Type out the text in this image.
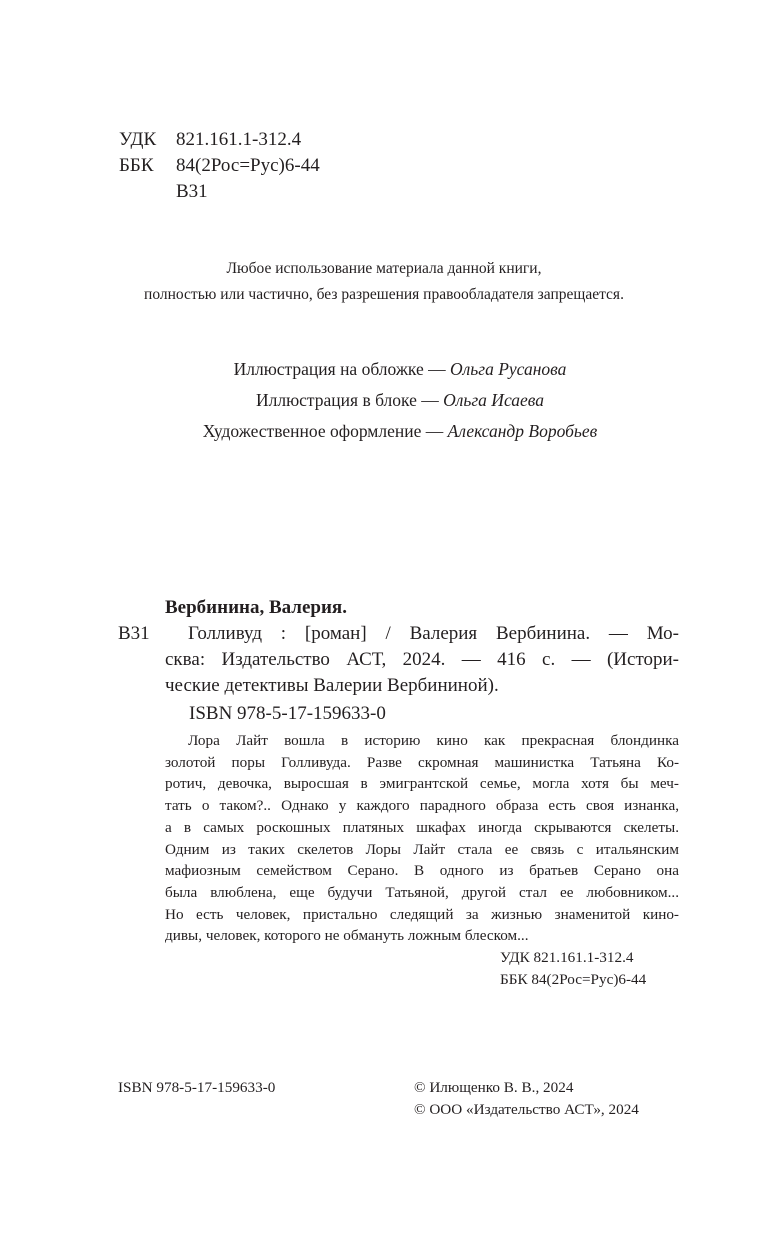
УДК 821.161.1-312.4
ББК 84(2Рос=Рус)6-44
В31
Любое использование материала данной книги,
полностью или частично, без разрешения правообладателя запрещается.
Иллюстрация на обложке — Ольга Русанова
Иллюстрация в блоке — Ольга Исаева
Художественное оформление — Александр Воробьев
Вербинина, Валерия.
В31	Голливуд : [роман] / Валерия Вербинина. — Мо-
сква: Издательство АСТ, 2024. — 416 с. — (Истори-
ческие детективы Валерии Вербининой).
ISBN 978-5-17-159633-0
Лора Лайт вошла в историю кино как прекрасная блондинка
золотой поры Голливуда. Разве скромная машинистка Татьяна Ко-
ротич, девочка, выросшая в эмигрантской семье, могла хотя бы меч-
тать о таком?.. Однако у каждого парадного образа есть своя изнанка,
а в самых роскошных платяных шкафах иногда скрываются скелеты.
Одним из таких скелетов Лоры Лайт стала ее связь с итальянским
мафиозным семейством Серано. В одного из братьев Серано она
была влюблена, еще будучи Татьяной, другой стал ее любовником...
Но есть человек, пристально следящий за жизнью знаменитой кино-
дивы, человек, которого не обмануть ложным блеском...
УДК 821.161.1-312.4
ББК 84(2Рос=Рус)6-44
ISBN 978-5-17-159633-0	© Илющенко В. В., 2024
© ООО «Издательство АСТ», 2024
